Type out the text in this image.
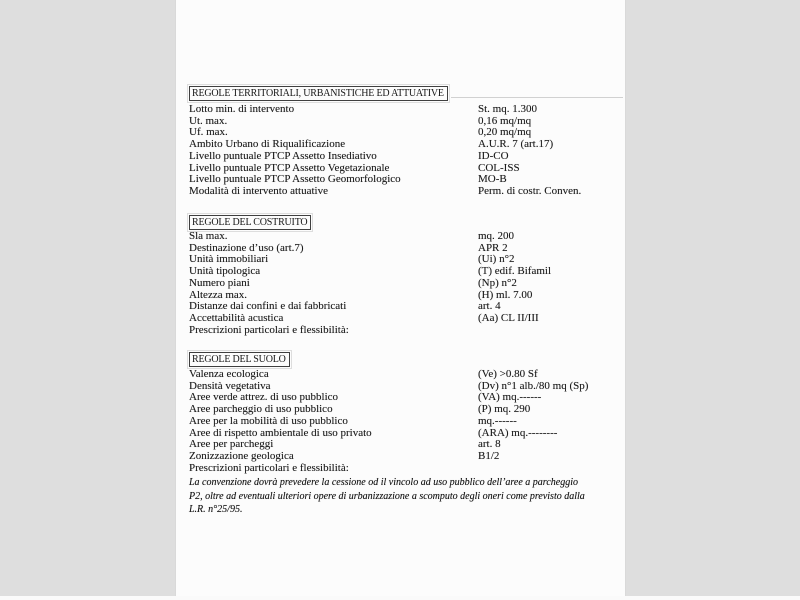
REGOLE TERRITORIALI, URBANISTICHE ED ATTUATIVE
Lotto min. di intervento	St. mq. 1.300
Ut. max.	0,16 mq/mq
Uf. max.	0,20 mq/mq
Ambito Urbano di Riqualificazione	A.U.R. 7 (art.17)
Livello puntuale PTCP Assetto Insediativo	ID-CO
Livello puntuale PTCP Assetto Vegetazionale	COL-ISS
Livello puntuale PTCP Assetto Geomorfologico	MO-B
Modalità di intervento attuative	Perm. di costr. Conven.
REGOLE DEL COSTRUITO
Sla max.	mq. 200
Destinazione d’uso (art.7)	APR 2
Unità immobiliari	(Ui) n°2
Unità tipologica	(T) edif. Bifamil
Numero piani	(Np) n°2
Altezza max.	(H) ml. 7.00
Distanze dai confini e dai fabbricati	art. 4
Accettabilità acustica	(Aa) CL II/III
Prescrizioni particolari e flessibilità:
REGOLE DEL SUOLO
Valenza ecologica	(Ve) >0.80 Sf
Densità vegetativa	(Dv) n°1 alb./80 mq (Sp)
Aree verde attrez. di uso pubblico	(VA) mq.------
Aree parcheggio di uso pubblico	(P) mq. 290
Aree per la mobilità di uso pubblico	mq.------
Aree di rispetto ambientale di uso privato	(ARA) mq.--------
Aree per parcheggi	art. 8
Zonizzazione geologica	B1/2
Prescrizioni particolari e flessibilità:
La convenzione dovrà prevedere la cessione od il vincolo ad uso pubblico dell’aree a parcheggio
P2, oltre ad eventuali ulteriori opere di urbanizzazione a scomputo degli oneri come previsto dalla
L.R. n°25/95.
